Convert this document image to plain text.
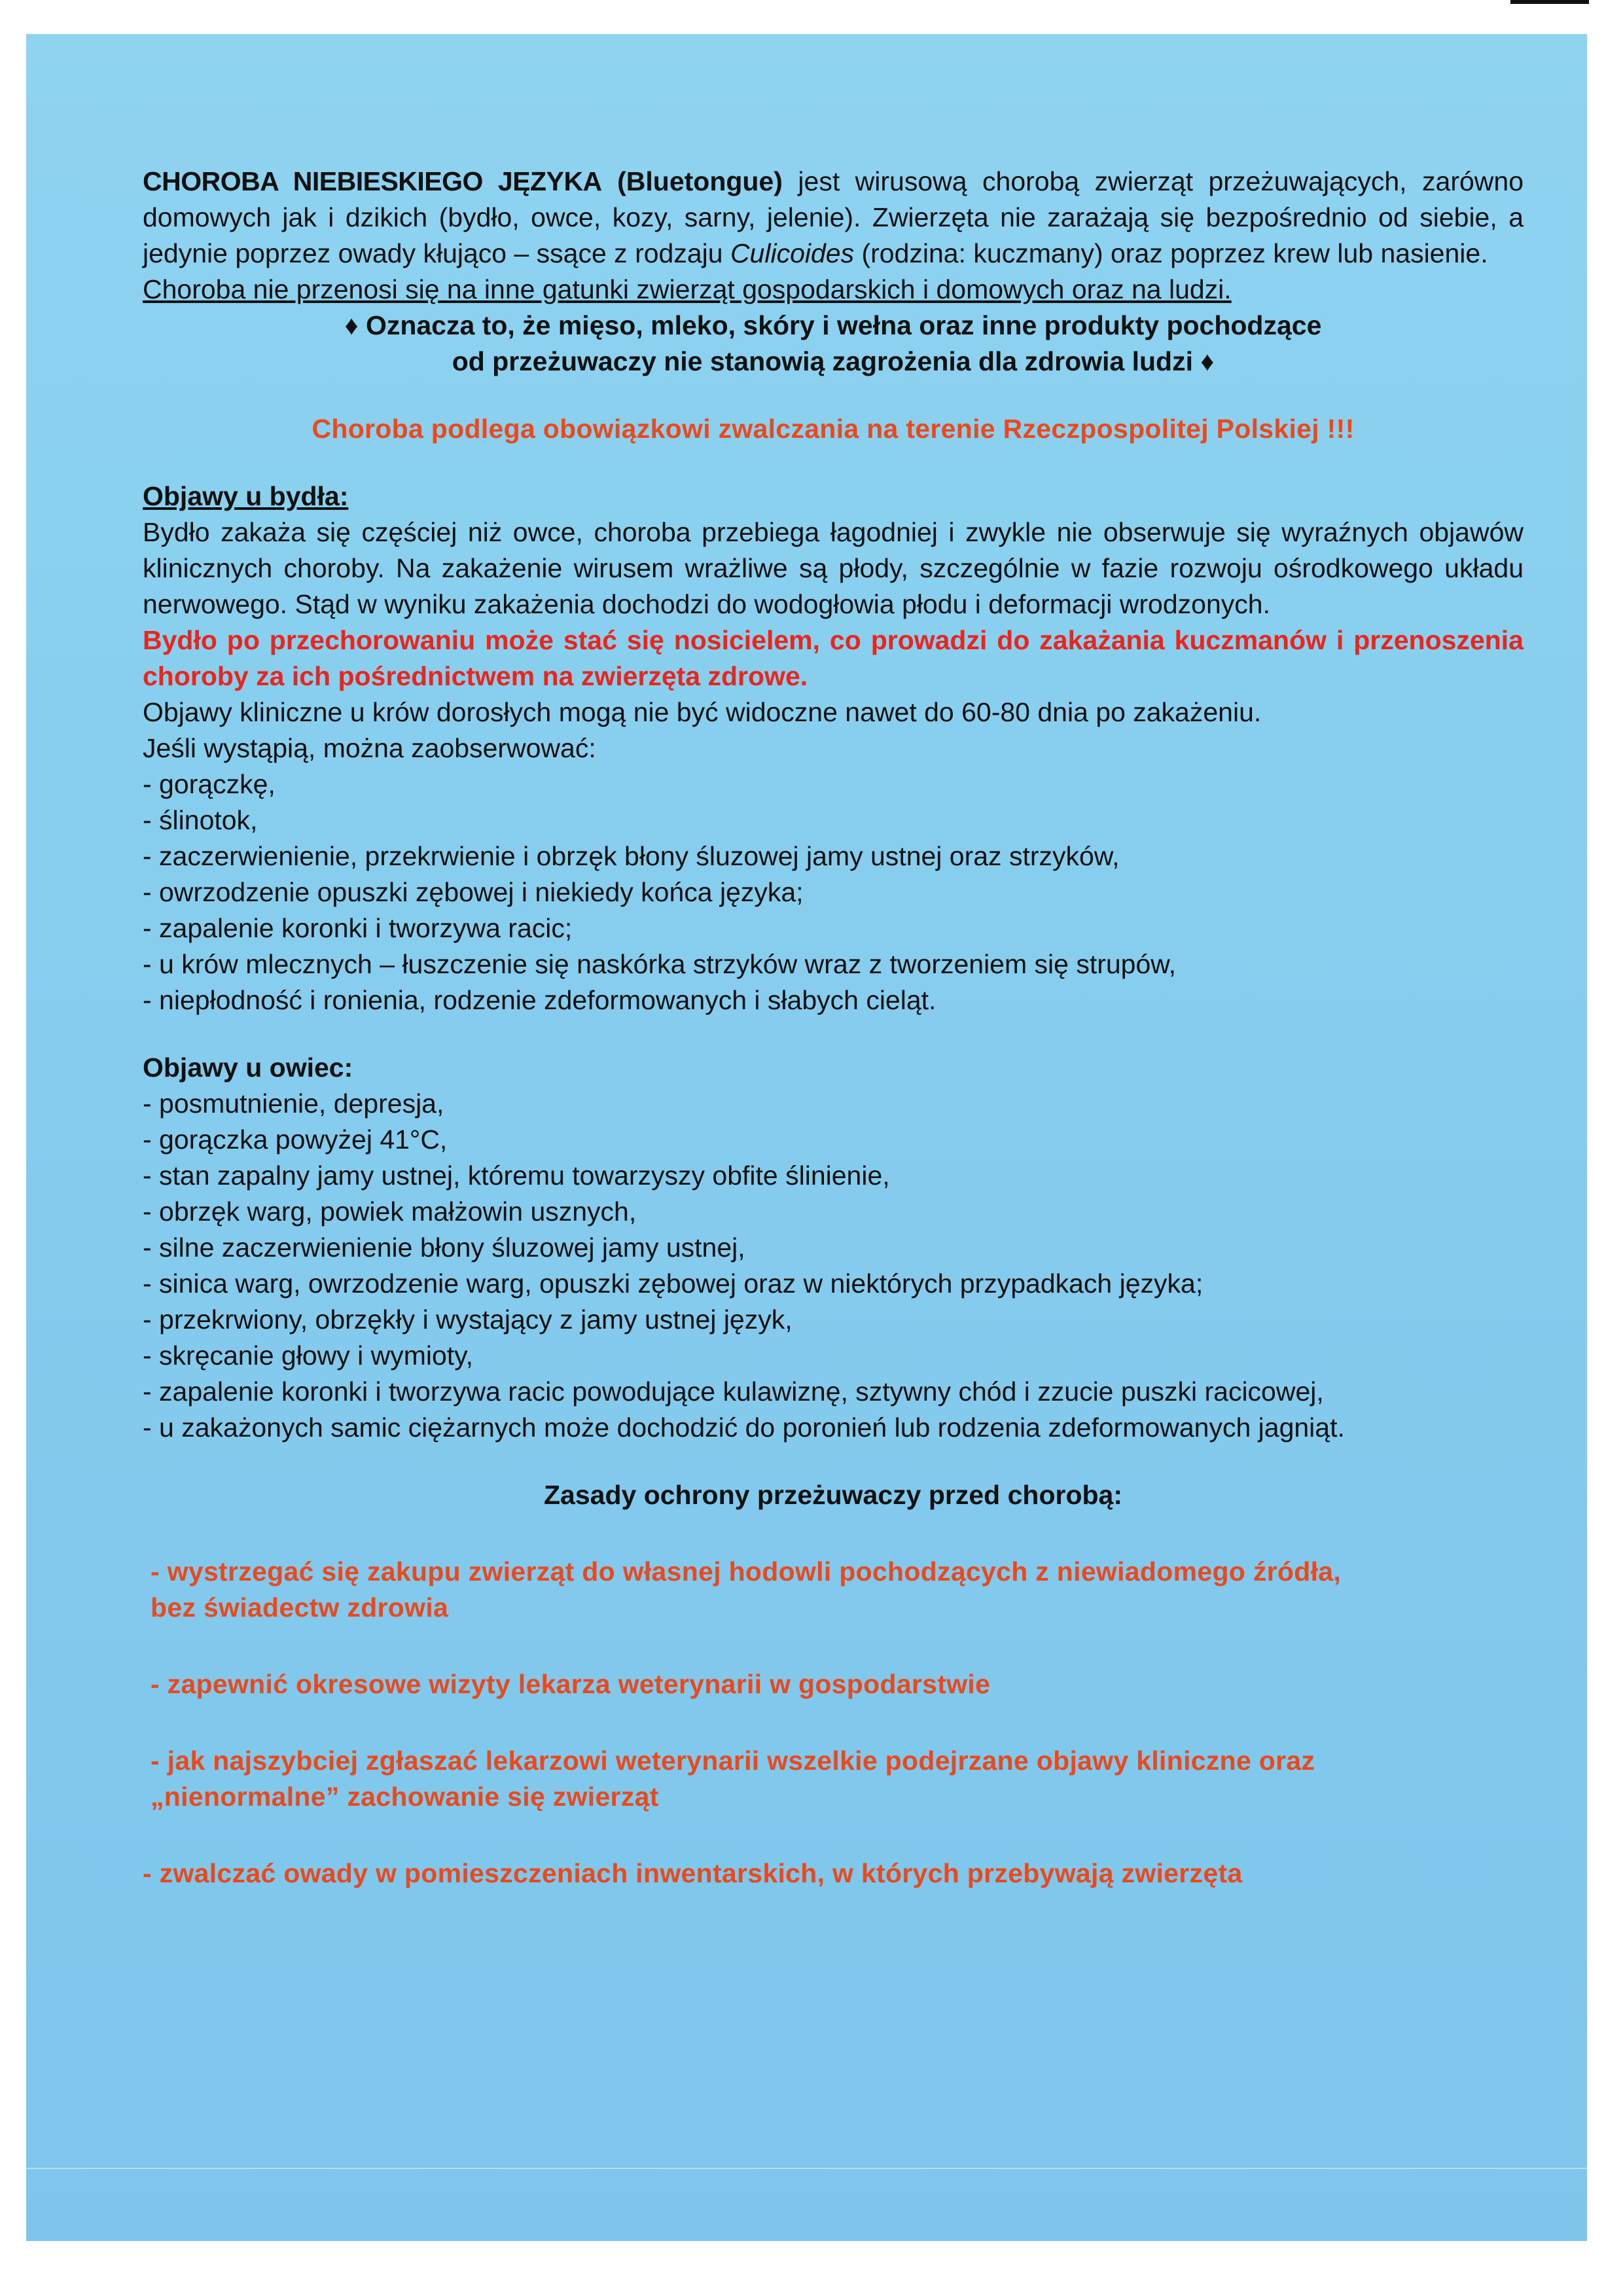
CHOROBA NIEBIESKIEGO JĘZYKA (Bluetongue) jest wirusową chorobą zwierząt przeżuwających, zarówno domowych jak i dzikich (bydło, owce, kozy, sarny, jelenie). Zwierzęta nie zarażają się bezpośrednio od siebie, a jedynie poprzez owady kłująco – ssące z rodzaju Culicoides (rodzina: kuczmany) oraz poprzez krew lub nasienie.

Choroba nie przenosi się na inne gatunki zwierząt gospodarskich i domowych oraz na ludzi.

♦ Oznacza to, że mięso, mleko, skóry i wełna oraz inne produkty pochodzące

od przeżuwaczy nie stanowią zagrożenia dla zdrowia ludzi ♦

Choroba podlega obowiązkowi zwalczania na terenie Rzeczpospolitej Polskiej !!!

Objawy u bydła:

Bydło zakaża się częściej niż owce, choroba przebiega łagodniej i zwykle nie obserwuje się wyraźnych objawów klinicznych choroby. Na zakażenie wirusem wrażliwe są płody, szczególnie w fazie rozwoju ośrodkowego układu nerwowego. Stąd w wyniku zakażenia dochodzi do wodogłowia płodu i deformacji wrodzonych.

Bydło po przechorowaniu może stać się nosicielem, co prowadzi do zakażania kuczmanów i przenoszenia choroby za ich pośrednictwem na zwierzęta zdrowe.

Objawy kliniczne u krów dorosłych mogą nie być widoczne nawet do 60-80 dnia po zakażeniu.

Jeśli wystąpią, można zaobserwować:

- gorączkę,
- ślinotok,
- zaczerwienienie, przekrwienie i obrzęk błony śluzowej jamy ustnej oraz strzyków,
- owrzodzenie opuszki zębowej i niekiedy końca języka;
- zapalenie koronki i tworzywa racic;
- u krów mlecznych – łuszczenie się naskórka strzyków wraz z tworzeniem się strupów,
- niepłodność i ronienia, rodzenie zdeformowanych i słabych cieląt.

Objawy u owiec:

- posmutnienie, depresja,
- gorączka powyżej 41°C,
- stan zapalny jamy ustnej, któremu towarzyszy obfite ślinienie,
- obrzęk warg, powiek małżowin usznych,
- silne zaczerwienienie błony śluzowej jamy ustnej,
- sinica warg, owrzodzenie warg, opuszki zębowej oraz w niektórych przypadkach języka;
- przekrwiony, obrzękły i wystający z jamy ustnej język,
- skręcanie głowy i wymioty,
- zapalenie koronki i tworzywa racic powodujące kulawiznę, sztywny chód i zzucie puszki racicowej,
- u zakażonych samic ciężarnych może dochodzić do poronień lub rodzenia zdeformowanych jagniąt.

Zasady ochrony przeżuwaczy przed chorobą:

- wystrzegać się zakupu zwierząt do własnej hodowli pochodzących z niewiadomego źródła, bez świadectw zdrowia

- zapewnić okresowe wizyty lekarza weterynarii w gospodarstwie

- jak najszybciej zgłaszać lekarzowi weterynarii wszelkie podejrzane objawy kliniczne oraz „nienormalne” zachowanie się zwierząt

- zwalczać owady w pomieszczeniach inwentarskich, w których przebywają zwierzęta
